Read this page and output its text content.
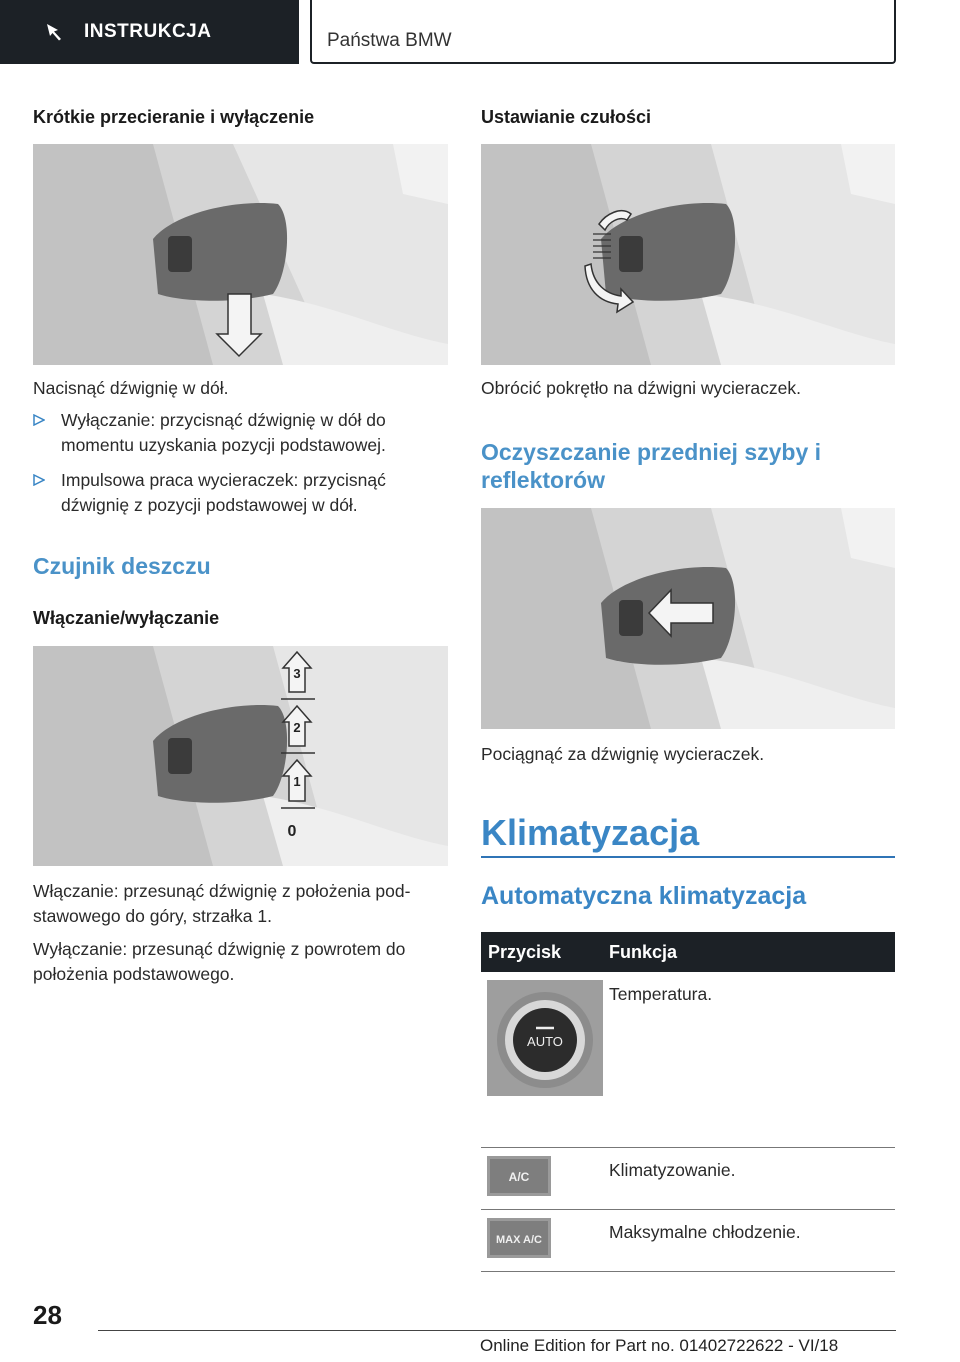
INSTRUKCJA	Państwa BMW
Krótkie przecieranie i wyłączenie
Nacisnąć dźwignię w dół.
Wyłączanie: przycisnąć dźwignię w dół do momentu uzyskania pozycji podstawowej.
Impulsowa praca wycieraczek: przycisnąć dźwignię z pozycji podstawowej w dół.
Czujnik deszczu
Włączanie/wyłączanie
3
2
1
0
Włączanie: przesunąć dźwignię z położenia podstawowego do góry, strzałka 1.
Wyłączanie: przesunąć dźwignię z powrotem do położenia podstawowego.
Ustawianie czułości
Obrócić pokrętło na dźwigni wycieraczek.
Oczyszczanie przedniej szyby i reflektorów
Pociągnąć za dźwignię wycieraczek.
Klimatyzacja
Automatyczna klimatyzacja
Przycisk	Funkcja

AUTO	Temperatura.

A/C	Klimatyzowanie.

MAX A/C	Maksymalne chłodzenie.
28
Online Edition for Part no. 01402722622 - VI/18
